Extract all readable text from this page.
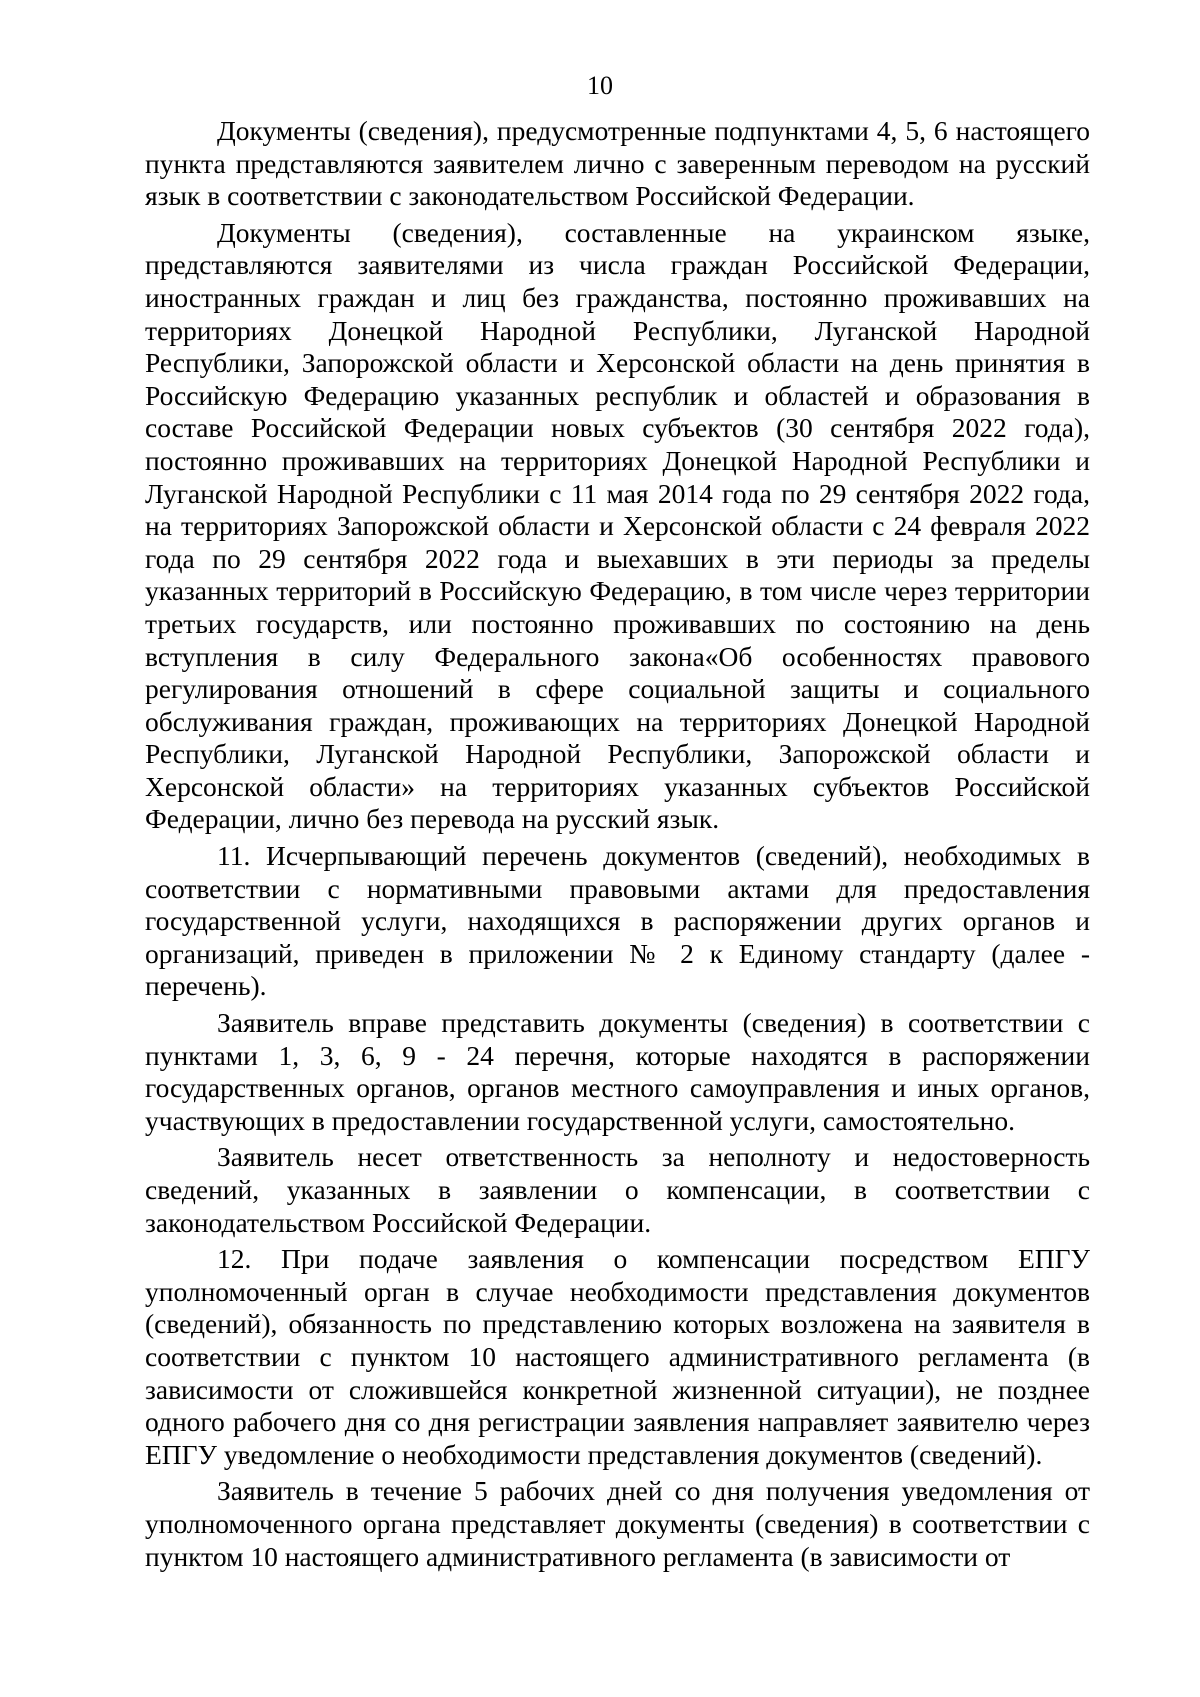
10

Документы (сведения), предусмотренные подпунктами 4, 5, 6 настоящего пункта представляются заявителем лично с заверенным переводом на русский язык в соответствии с законодательством Российской Федерации.

Документы (сведения), составленные на украинском языке, представляются заявителями из числа граждан Российской Федерации, иностранных граждан и лиц без гражданства, постоянно проживавших на территориях Донецкой Народной Республики, Луганской Народной Республики, Запорожской области и Херсонской области на день принятия в Российскую Федерацию указанных республик и областей и образования в составе Российской Федерации новых субъектов (30 сентября 2022 года), постоянно проживавших на территориях Донецкой Народной Республики и Луганской Народной Республики с 11 мая 2014 года по 29 сентября 2022 года, на территориях Запорожской области и Херсонской области с 24 февраля 2022 года по 29 сентября 2022 года и выехавших в эти периоды за пределы указанных территорий в Российскую Федерацию, в том числе через территории третьих государств, или постоянно проживавших по состоянию на день вступления в силу Федерального закона«Об особенностях правового регулирования отношений в сфере социальной защиты и социального обслуживания граждан, проживающих на территориях Донецкой Народной Республики, Луганской Народной Республики, Запорожской области и Херсонской области» на территориях указанных субъектов Российской Федерации, лично без перевода на русский язык.

11. Исчерпывающий перечень документов (сведений), необходимых в соответствии с нормативными правовыми актами для предоставления государственной услуги, находящихся в распоряжении других органов и организаций, приведен в приложении № 2 к Единому стандарту (далее - перечень).

Заявитель вправе представить документы (сведения) в соответствии с пунктами 1, 3, 6, 9 - 24 перечня, которые находятся в распоряжении государственных органов, органов местного самоуправления и иных органов, участвующих в предоставлении государственной услуги, самостоятельно.

Заявитель несет ответственность за неполноту и недостоверность сведений, указанных в заявлении о компенсации, в соответствии с законодательством Российской Федерации.

12. При подаче заявления о компенсации посредством ЕПГУ уполномоченный орган в случае необходимости представления документов (сведений), обязанность по представлению которых возложена на заявителя в соответствии с пунктом 10 настоящего административного регламента (в зависимости от сложившейся конкретной жизненной ситуации), не позднее одного рабочего дня со дня регистрации заявления направляет заявителю через ЕПГУ уведомление о необходимости представления документов (сведений).

Заявитель в течение 5 рабочих дней со дня получения уведомления от уполномоченного органа представляет документы (сведения) в соответствии с пунктом 10 настоящего административного регламента (в зависимости от
